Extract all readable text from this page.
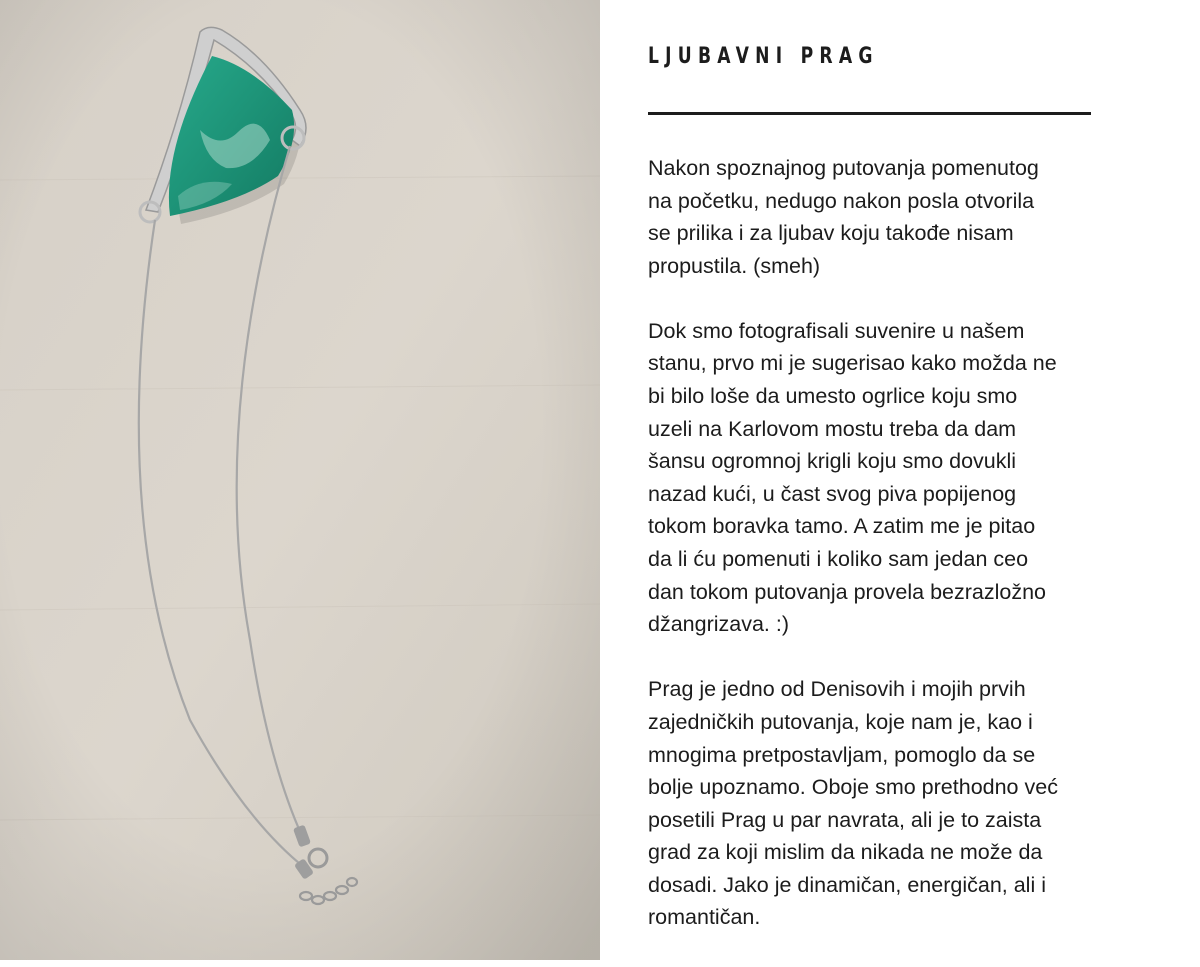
LJUBAVNI PRAG

Nakon spoznajnog putovanja pomenutog
na početku, nedugo nakon posla otvorila
se prilika i za ljubav koju takođe nisam
propustila. (smeh)

Dok smo fotografisali suvenire u našem
stanu, prvo mi je sugerisao kako možda ne
bi bilo loše da umesto ogrlice koju smo
uzeli na Karlovom mostu treba da dam
šansu ogromnoj krigli koju smo dovukli
nazad kući, u čast svog piva popijenog
tokom boravka tamo. A zatim me je pitao
da li ću pomenuti i koliko sam jedan ceo
dan tokom putovanja provela bezrazložno
džangrizava. :)

Prag je jedno od Denisovih i mojih prvih
zajedničkih putovanja, koje nam je, kao i
mnogima pretpostavljam, pomoglo da se
bolje upoznamo. Oboje smo prethodno već
posetili Prag u par navrata, ali je to zaista
grad za koji mislim da nikada ne može da
dosadi. Jako je dinamičan, energičan, ali i
romantičan.
